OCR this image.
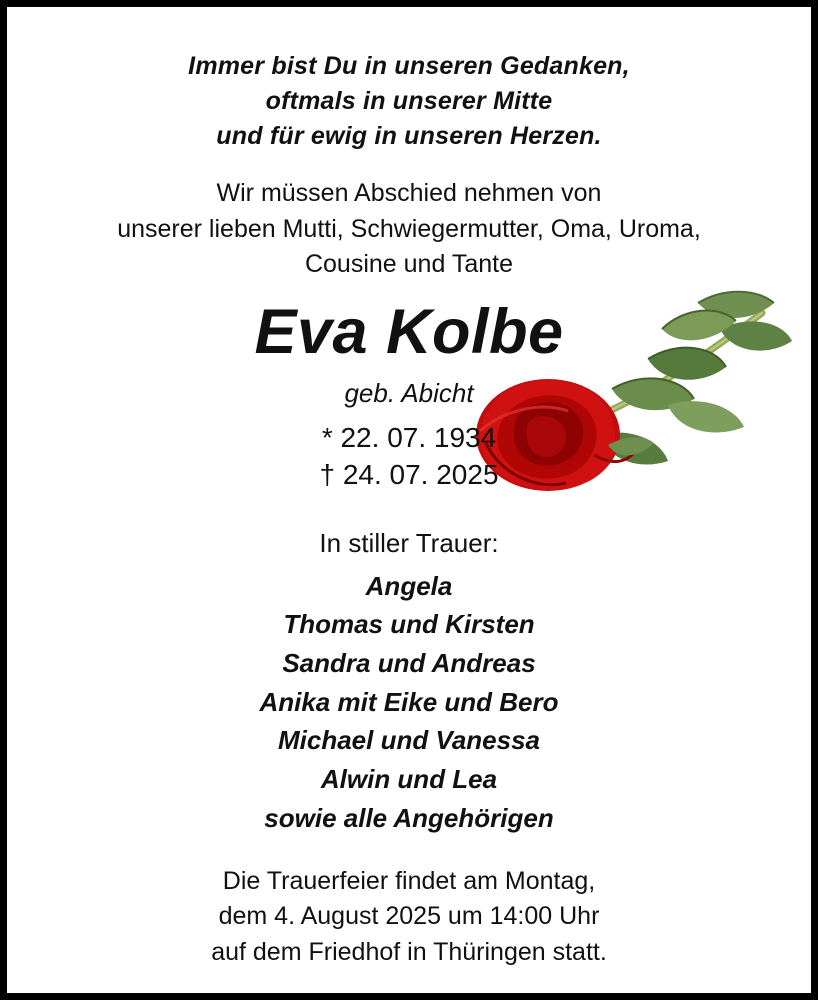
Immer bist Du in unseren Gedanken,
oftmals in unserer Mitte
und für ewig in unseren Herzen.
Wir müssen Abschied nehmen von
unserer lieben Mutti, Schwiegermutter, Oma, Uroma,
Cousine und Tante
Eva Kolbe
geb. Abicht
* 22. 07. 1934
† 24. 07. 2025
In stiller Trauer:
Angela
Thomas und Kirsten
Sandra und Andreas
Anika mit Eike und Bero
Michael und Vanessa
Alwin und Lea
sowie alle Angehörigen
Die Trauerfeier findet am Montag,
dem 4. August 2025 um 14:00 Uhr
auf dem Friedhof in Thüringen statt.
